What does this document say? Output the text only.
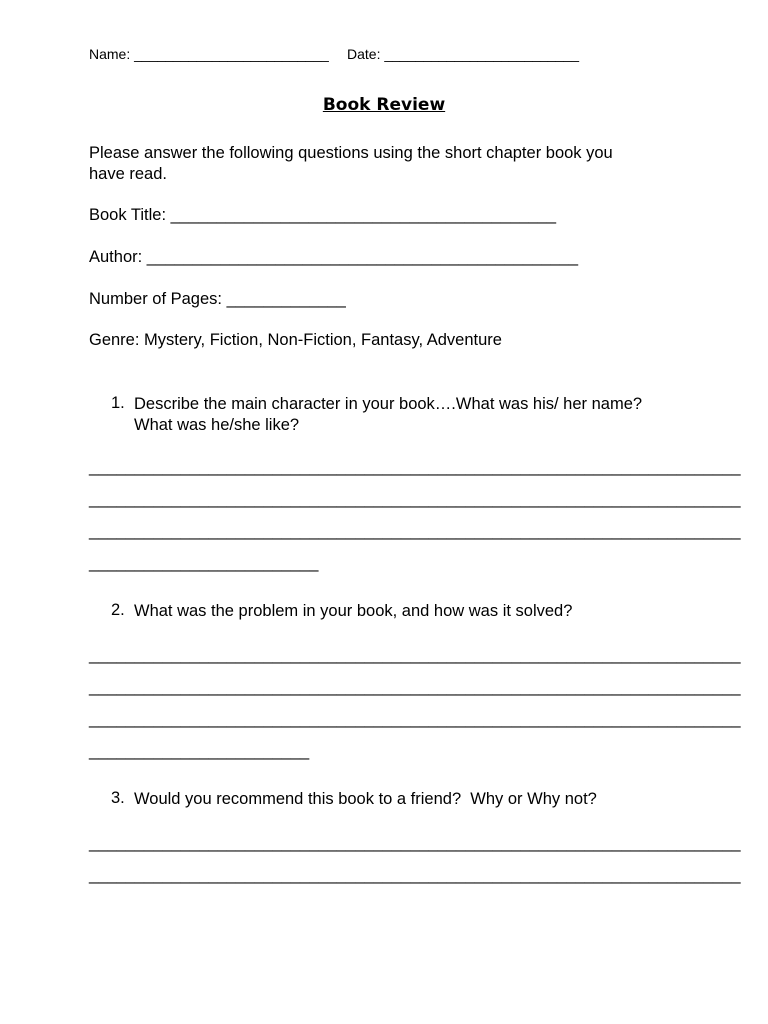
Name: _________________________ Date: _________________________
Book Review
Please answer the following questions using the short chapter book you
have read.
Book Title: __________________________________________
Author: _______________________________________________
Number of Pages: _____________
Genre: Mystery, Fiction, Non-Fiction, Fantasy, Adventure
1. Describe the main character in your book….What was his/ her name?
What was he/she like?
_______________________________________________________________________
_______________________________________________________________________
_______________________________________________________________________
_________________________
2. What was the problem in your book, and how was it solved?
_______________________________________________________________________
_______________________________________________________________________
_______________________________________________________________________
________________________
3. Would you recommend this book to a friend?  Why or Why not?
_______________________________________________________________________
_______________________________________________________________________
